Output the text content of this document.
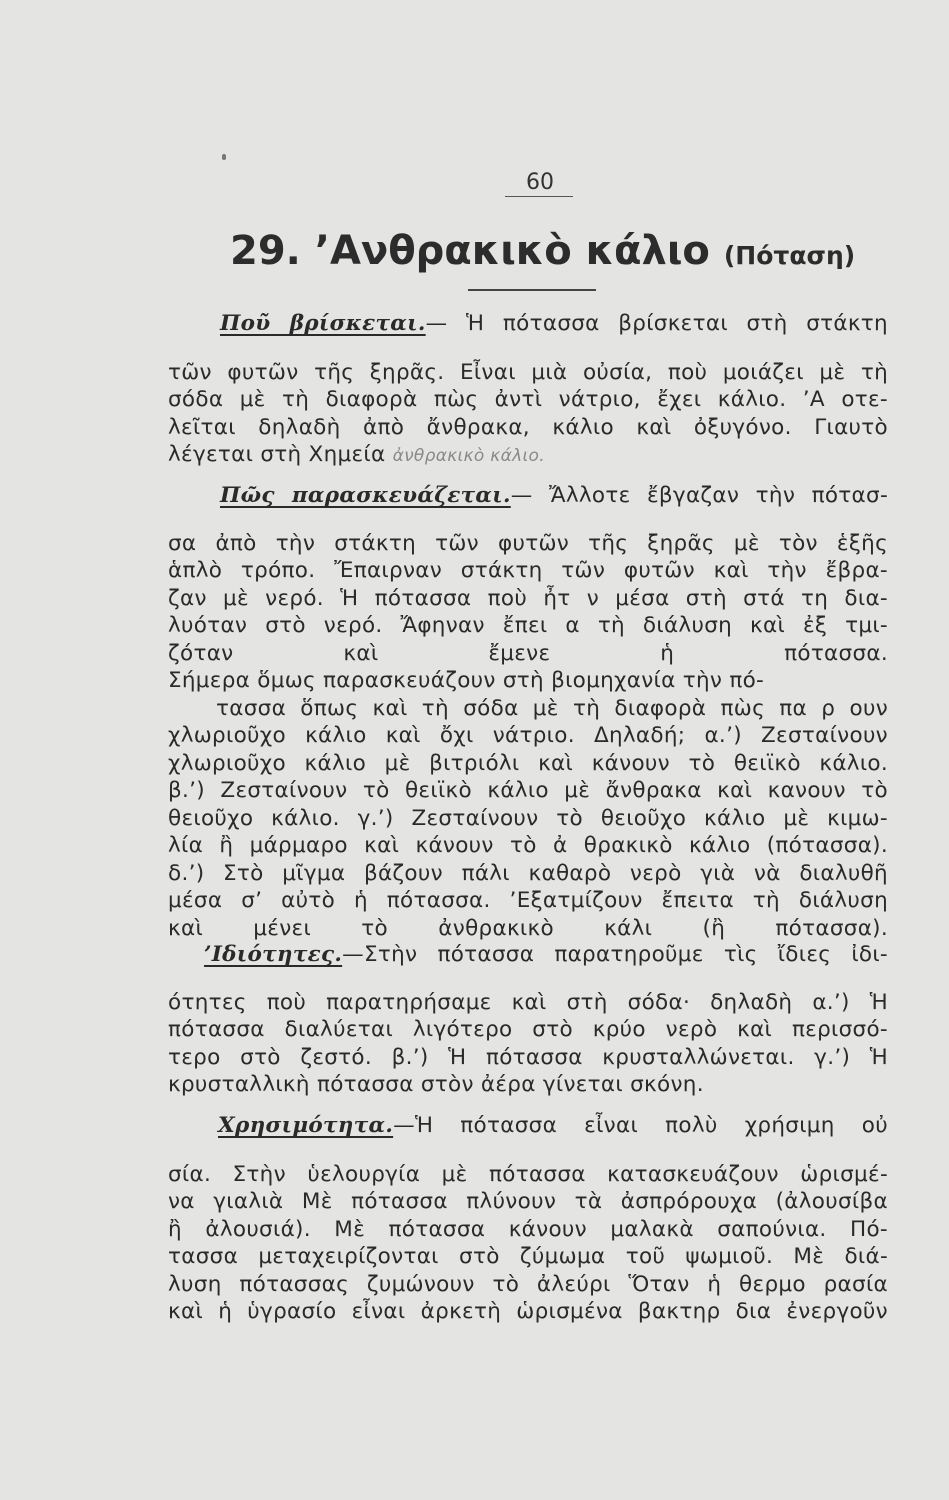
60
29. ’Ανθρακικὸ κάλιο (Πόταση)
Ποῦ βρίσκεται.— Ἡ πότασσα βρίσκεται στὴ στάκτη
τῶν φυτῶν τῆς ξηρᾶς. Εἶναι μιὰ οὐσία, ποὺ μοιάζει μὲ τὴ
σόδα μὲ τὴ διαφορὰ πὼς ἀντὶ νάτριο, ἔχει κάλιο. ’Α οτε-
λεῖται δηλαδὴ ἀπὸ ἄνθρακα, κάλιο καὶ ὀξυγόνο. Γιαυτὸ
λέγεται στὴ Χημεία ἀνθρακικὸ κάλιο.
Πῶς παρασκευάζεται.— Ἄλλοτε ἔβγαζαν τὴν πότασ-
σα ἀπὸ τὴν στάκτη τῶν φυτῶν τῆς ξηρᾶς μὲ τὸν ἑξῆς
ἁπλὸ τρόπο. Ἔπαιρναν στάκτη τῶν φυτῶν καὶ τὴν ἔβρα-
ζαν μὲ νερό. Ἡ πότασσα ποὺ ἦτ ν μέσα στὴ στά τη δια-
λυόταν στὸ νερό. Ἄφηναν ἔπει α τὴ διάλυση καὶ ἐξ τμι-
ζόταν καὶ ἔμενε ἡ πότασσα.
Σήμερα ὅμως παρασκευάζουν στὴ βιομηχανία τὴν πό-
τασσα ὅπως καὶ τὴ σόδα μὲ τὴ διαφορὰ πὼς πα ρ ουν
χλωριοῦχο κάλιο καὶ ὄχι νάτριο. Δηλαδή; α.’) Ζεσταίνουν
χλωριοῦχο κάλιο μὲ βιτριόλι καὶ κάνουν τὸ θειϊκὸ κάλιο.
β.’) Ζεσταίνουν τὸ θειϊκὸ κάλιο μὲ ἄνθρακα καὶ κανουν τὸ
θειοῦχο κάλιο. γ.’) Ζεσταίνουν τὸ θειοῦχο κάλιο μὲ κιμω-
λία ἢ μάρμαρο καὶ κάνουν τὸ ἀ θρακικὸ κάλιο (πότασσα).
δ.’) Στὸ μῖγμα βάζουν πάλι καθαρὸ νερὸ γιὰ νὰ διαλυθῆ
μέσα σ’ αὐτὸ ἡ πότασσα. ’Εξατμίζουν ἔπειτα τὴ διάλυση
καὶ μένει τὸ ἀνθρακικὸ κάλι (ἢ πότασσα).
’Ιδιότητες.—Στὴν πότασσα παρατηροῦμε τὶς ἴδιες ἰδι-
ότητες ποὺ παρατηρήσαμε καὶ στὴ σόδα· δηλαδὴ α.’) Ἡ
πότασσα διαλύεται λιγότερο στὸ κρύο νερὸ καὶ περισσό-
τερο στὸ ζεστό. β.’) Ἡ πότασσα κρυσταλλώνεται. γ.’) Ἡ
κρυσταλλικὴ πότασσα στὸν ἀέρα γίνεται σκόνη.
Χρησιμότητα.—Ἡ πότασσα εἶναι πολὺ χρήσιμη οὐ
σία. Στὴν ὑελουργία μὲ πότασσα κατασκευάζουν ὡρισμέ-
να γιαλιὰ Μὲ πότασσα πλύνουν τὰ ἀσπρόρουχα (ἀλουσίβα
ἢ ἀλουσιά). Μὲ πότασσα κάνουν μαλακὰ σαπούνια. Πό-
τασσα μεταχειρίζονται στὸ ζύμωμα τοῦ ψωμιοῦ. Μὲ διά-
λυση πότασσας ζυμώνουν τὸ ἀλεύρι Ὅταν ἡ θερμο ρασία
καὶ ἡ ὑγρασίο εἶναι ἀρκετὴ ὡρισμένα βακτηρ δια ἐνεργοῦν
